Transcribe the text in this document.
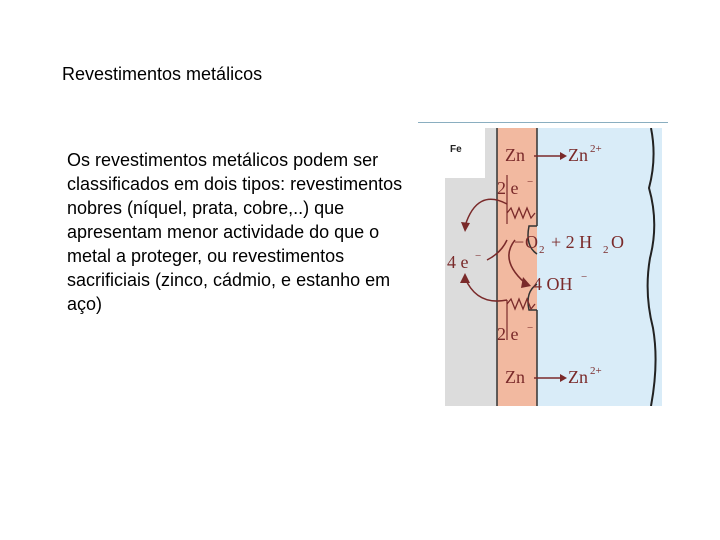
Revestimentos metálicos
Os revestimentos metálicos podem ser classificados em dois tipos: revestimentos nobres (níquel, prata, cobre,..) que apresentam menor actividade do que o metal a proteger, ou revestimentos sacrificiais (zinco, cádmio, e estanho em aço)
Fe Zn Zn 2+
2 e −
4 e −
− O 2 + 2 H 2 O
4 OH −
2 e −
Zn Zn 2+
